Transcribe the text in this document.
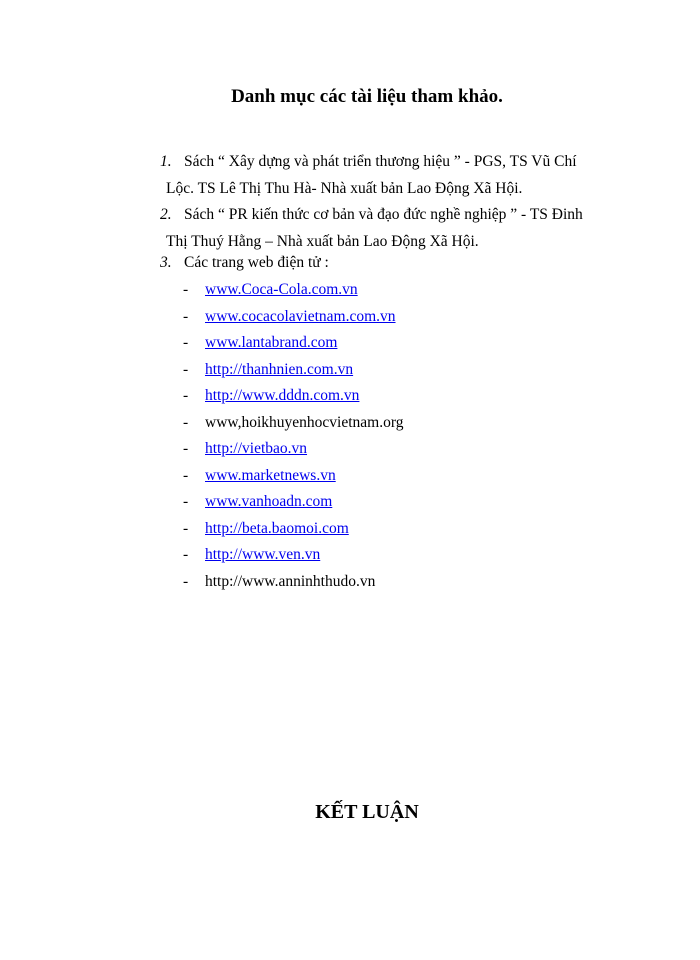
Danh mục các tài liệu tham khảo.
1. Sách “ Xây dựng và phát triển thương hiệu ” - PGS, TS Vũ Chí
Lộc. TS Lê Thị Thu Hà- Nhà xuất bản Lao Động Xã Hội.
2. Sách “ PR kiến thức cơ bản và đạo đức nghề nghiệp ” - TS Đinh
Thị Thuý Hằng – Nhà xuất bản Lao Động Xã Hội.
3. Các trang web điện tử :
- www.Coca-Cola.com.vn
- www.cocacolavietnam.com.vn
- www.lantabrand.com
- http://thanhnien.com.vn
- http://www.dddn.com.vn
- www,hoikhuyenhocvietnam.org
- http://vietbao.vn
- www.marketnews.vn
- www.vanhoadn.com
- http://beta.baomoi.com
- http://www.ven.vn
- http://www.anninhthudo.vn
KẾT LUẬN
